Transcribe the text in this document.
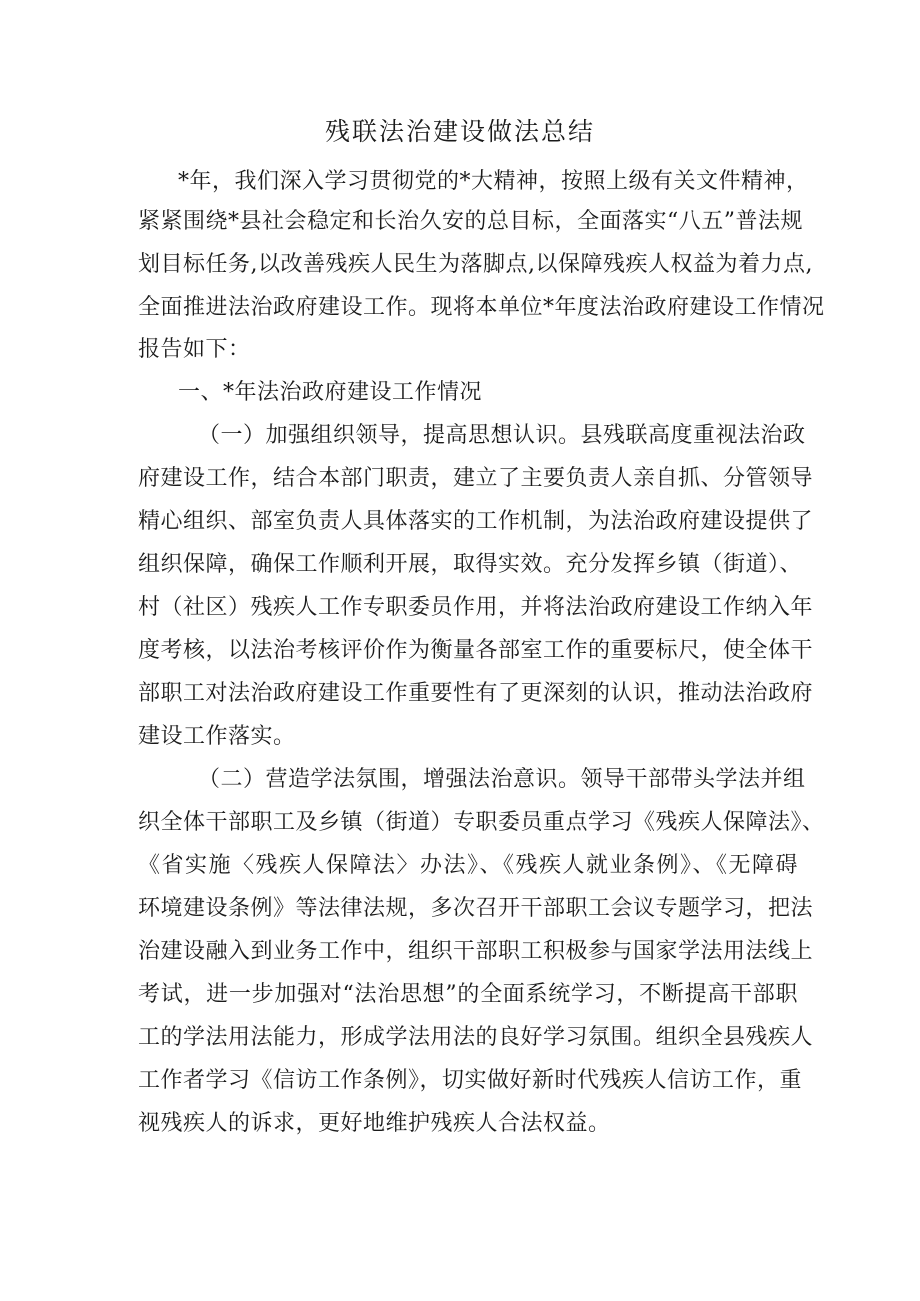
残联法治建设做法总结
*年，我们深入学习贯彻党的*大精神，按照上级有关文件精神，
紧紧围绕*县社会稳定和长治久安的总目标，全面落实“八五”普法规
划目标任务,以改善残疾人民生为落脚点,以保障残疾人权益为着力点,
全面推进法治政府建设工作。现将本单位*年度法治政府建设工作情况
报告如下：
一、*年法治政府建设工作情况
（一）加强组织领导，提高思想认识。县残联高度重视法治政
府建设工作，结合本部门职责，建立了主要负责人亲自抓、分管领导
精心组织、部室负责人具体落实的工作机制，为法治政府建设提供了
组织保障，确保工作顺利开展，取得实效。充分发挥乡镇（街道）、
村（社区）残疾人工作专职委员作用，并将法治政府建设工作纳入年
度考核，以法治考核评价作为衡量各部室工作的重要标尺，使全体干
部职工对法治政府建设工作重要性有了更深刻的认识，推动法治政府
建设工作落实。
（二）营造学法氛围，增强法治意识。领导干部带头学法并组
织全体干部职工及乡镇（街道）专职委员重点学习《残疾人保障法》、
《省实施〈残疾人保障法〉办法》、《残疾人就业条例》、《无障碍
环境建设条例》等法律法规，多次召开干部职工会议专题学习，把法
治建设融入到业务工作中，组织干部职工积极参与国家学法用法线上
考试，进一步加强对“法治思想”的全面系统学习，不断提高干部职
工的学法用法能力，形成学法用法的良好学习氛围。组织全县残疾人
工作者学习《信访工作条例》，切实做好新时代残疾人信访工作，重
视残疾人的诉求，更好地维护残疾人合法权益。
